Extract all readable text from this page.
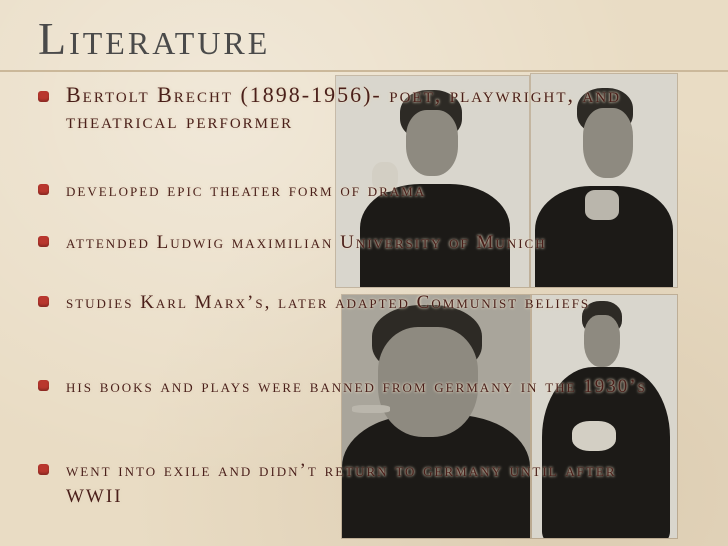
Literature
Bertolt Brecht (1898-1956)- poet, playwright, and theatrical performer
developed epic theater form of drama
attended Ludwig maximilian University of Munich
studies Karl Marx’s, later adapted Communist beliefs
his books and plays were banned from germany in the 1930’s
went into exile and didn’t return to germany until after WWII
